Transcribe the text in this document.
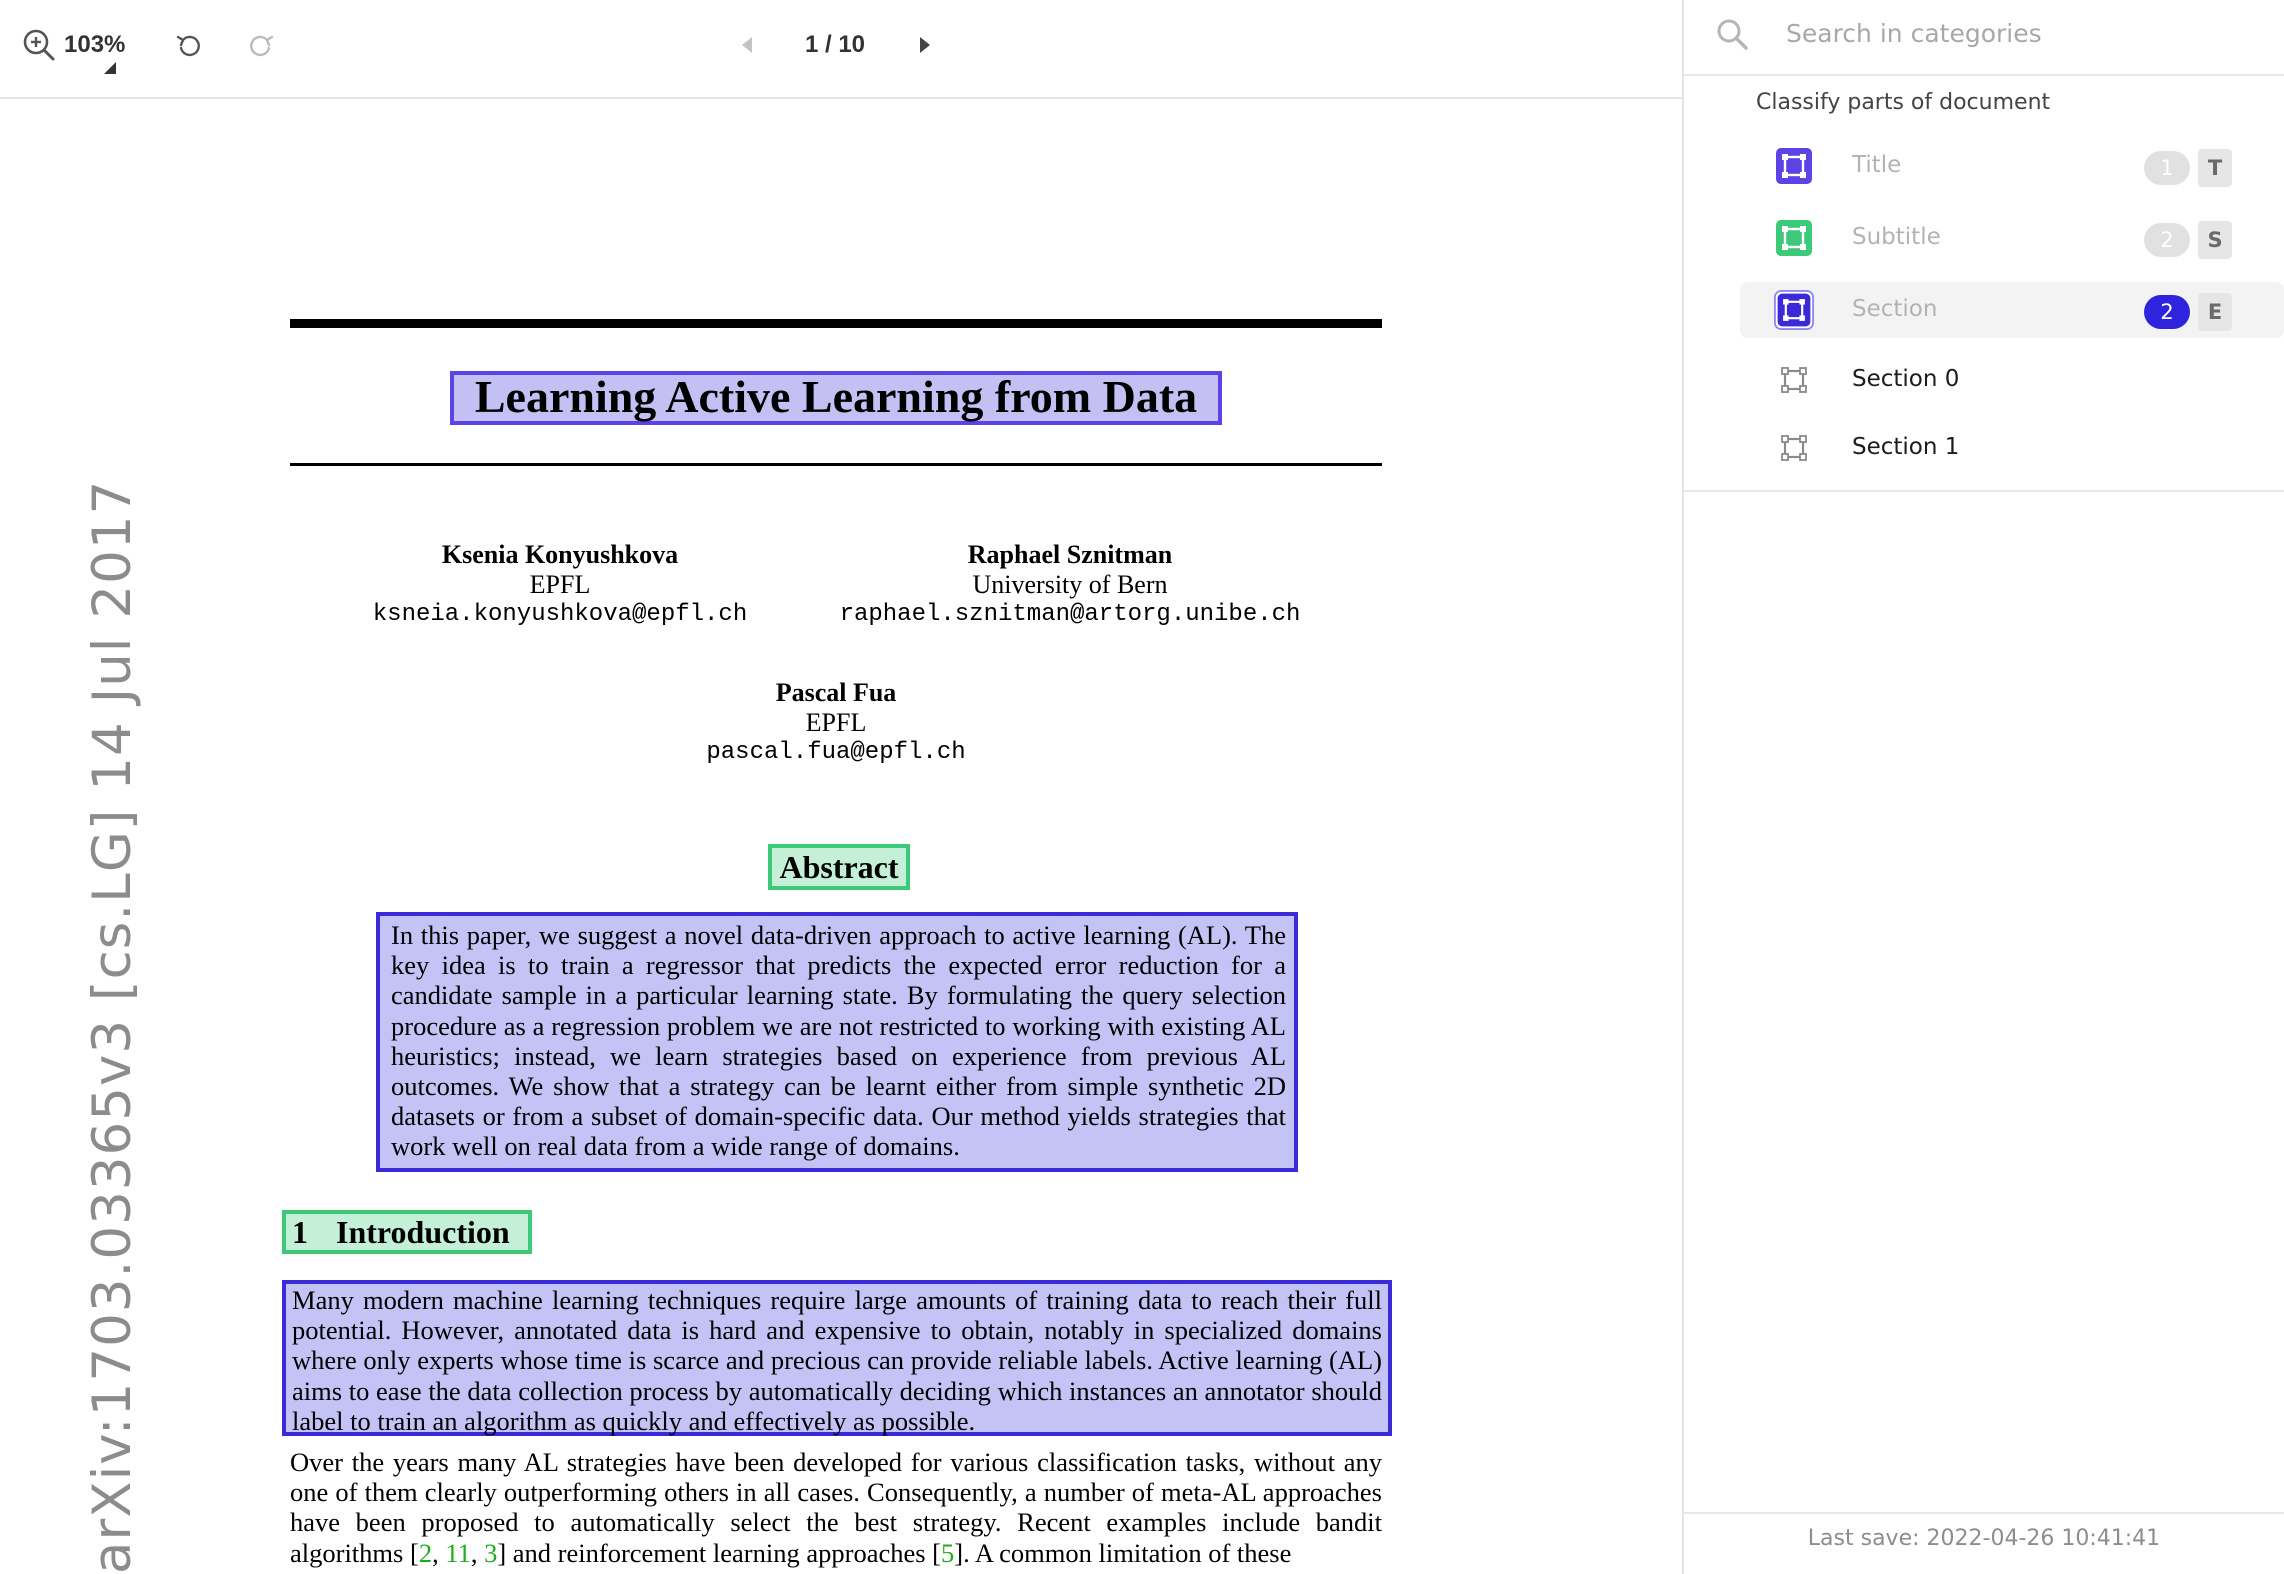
103%	1 / 10
Learning Active Learning from Data
Ksenia Konyushkova
EPFL
ksneia.konyushkova@epfl.ch
Raphael Sznitman
University of Bern
raphael.sznitman@artorg.unibe.ch
Pascal Fua
EPFL
pascal.fua@epfl.ch
Abstract
In this paper, we suggest a novel data-driven approach to active learning (AL). The key idea is to train a regressor that predicts the expected error reduction for a candidate sample in a particular learning state. By formulating the query selection procedure as a regression problem we are not restricted to working with existing AL heuristics; instead, we learn strategies based on experience from previous AL outcomes. We show that a strategy can be learnt either from simple synthetic 2D datasets or from a subset of domain-specific data. Our method yields strategies that work well on real data from a wide range of domains.
1 Introduction
Many modern machine learning techniques require large amounts of training data to reach their full potential. However, annotated data is hard and expensive to obtain, notably in specialized domains where only experts whose time is scarce and precious can provide reliable labels. Active learning (AL) aims to ease the data collection process by automatically deciding which instances an annotator should label to train an algorithm as quickly and effectively as possible.
Over the years many AL strategies have been developed for various classification tasks, without any one of them clearly outperforming others in all cases. Consequently, a number of meta-AL approaches have been proposed to automatically select the best strategy. Recent examples include bandit algorithms [2, 11, 3] and reinforcement learning approaches [5]. A common limitation of these
arXiv:1703.03365v3 [cs.LG] 14 Jul 2017
Search in categories
Classify parts of document
Title	1	T
Subtitle	2	S
Section	2	E
Section 0
Section 1
Last save: 2022-04-26 10:41:41
